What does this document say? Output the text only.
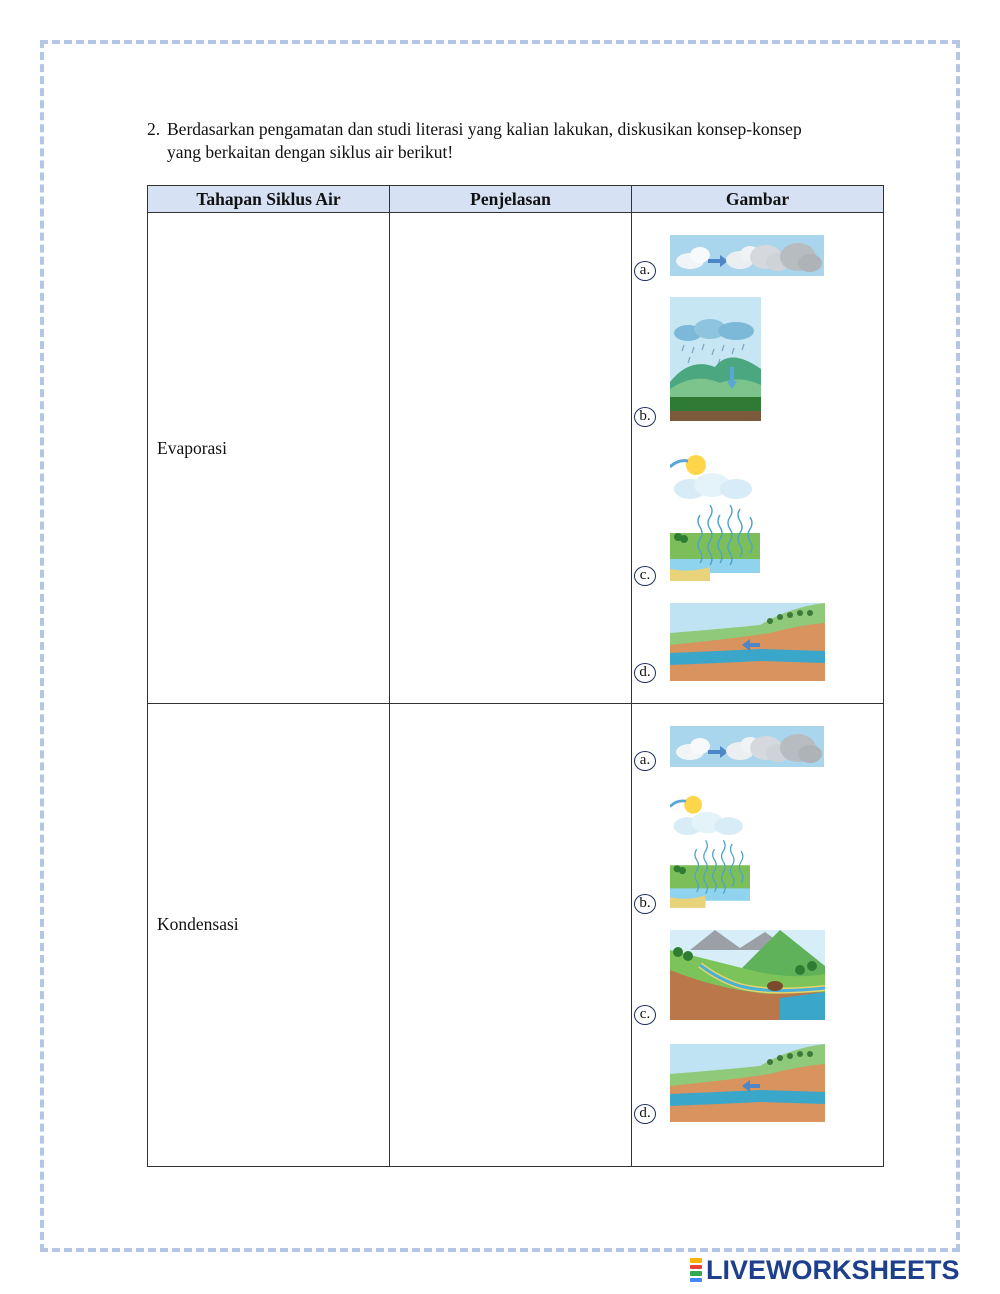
2. Berdasarkan pengamatan dan studi literasi yang kalian lakukan, diskusikan konsep-konsep
yang berkaitan dengan siklus air berikut!
Tahapan Siklus Air	Penjelasan	Gambar

Evaporasi		a.
b.
c.
d.

Kondensasi		a.
b.
c.
d.
LIVEWORKSHEETS
